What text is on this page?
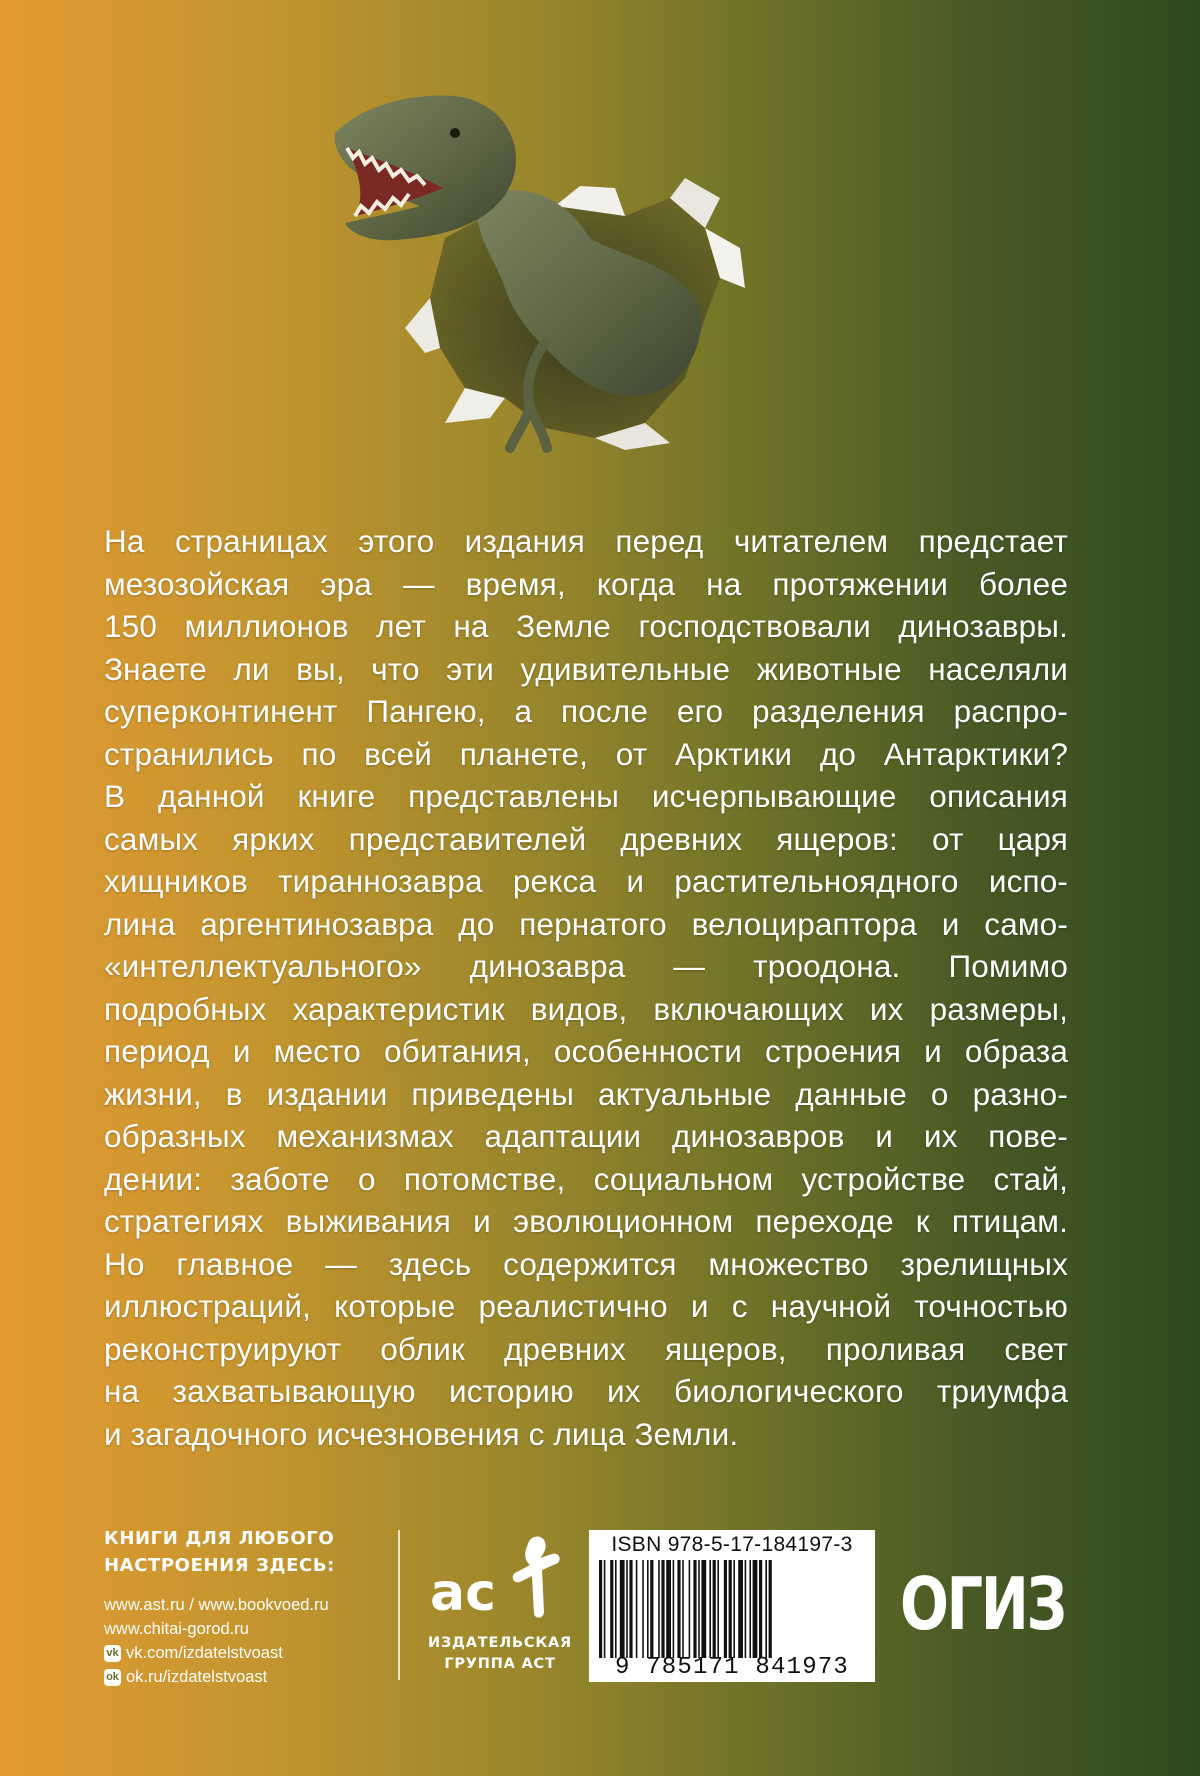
На страницах этого издания перед читателем предстает
мезозойская эра — время, когда на протяжении более
150 миллионов лет на Земле господствовали динозавры.
Знаете ли вы, что эти удивительные животные населяли
суперконтинент Пангею, а после его разделения распро-
странились по всей планете, от Арктики до Антарктики?
В данной книге представлены исчерпывающие описания
самых ярких представителей древних ящеров: от царя
хищников тираннозавра рекса и растительноядного испо-
лина аргентинозавра до пернатого велоцираптора и само-
«интеллектуального» динозавра — троодона. Помимо
подробных характеристик видов, включающих их размеры,
период и место обитания, особенности строения и образа
жизни, в издании приведены актуальные данные о разно-
образных механизмах адаптации динозавров и их пове-
дении: заботе о потомстве, социальном устройстве стай,
стратегиях выживания и эволюционном переходе к птицам.
Но главное — здесь содержится множество зрелищных
иллюстраций, которые реалистично и с научной точностью
реконструируют облик древних ящеров, проливая свет
на захватывающую историю их биологического триумфа
и загадочного исчезновения с лица Земли.
КНИГИ ДЛЯ ЛЮБОГО
НАСТРОЕНИЯ ЗДЕСЬ:
www.ast.ru / www.bookvoed.ru
www.chitai-gorod.ru
vk vk.com/izdatelstvoast
ok ok.ru/izdatelstvoast
ac
ИЗДАТЕЛЬСКАЯ
ГРУППА АСТ
ISBN 978-5-17-184197-3
9 785171 841973
ОГИЗ
